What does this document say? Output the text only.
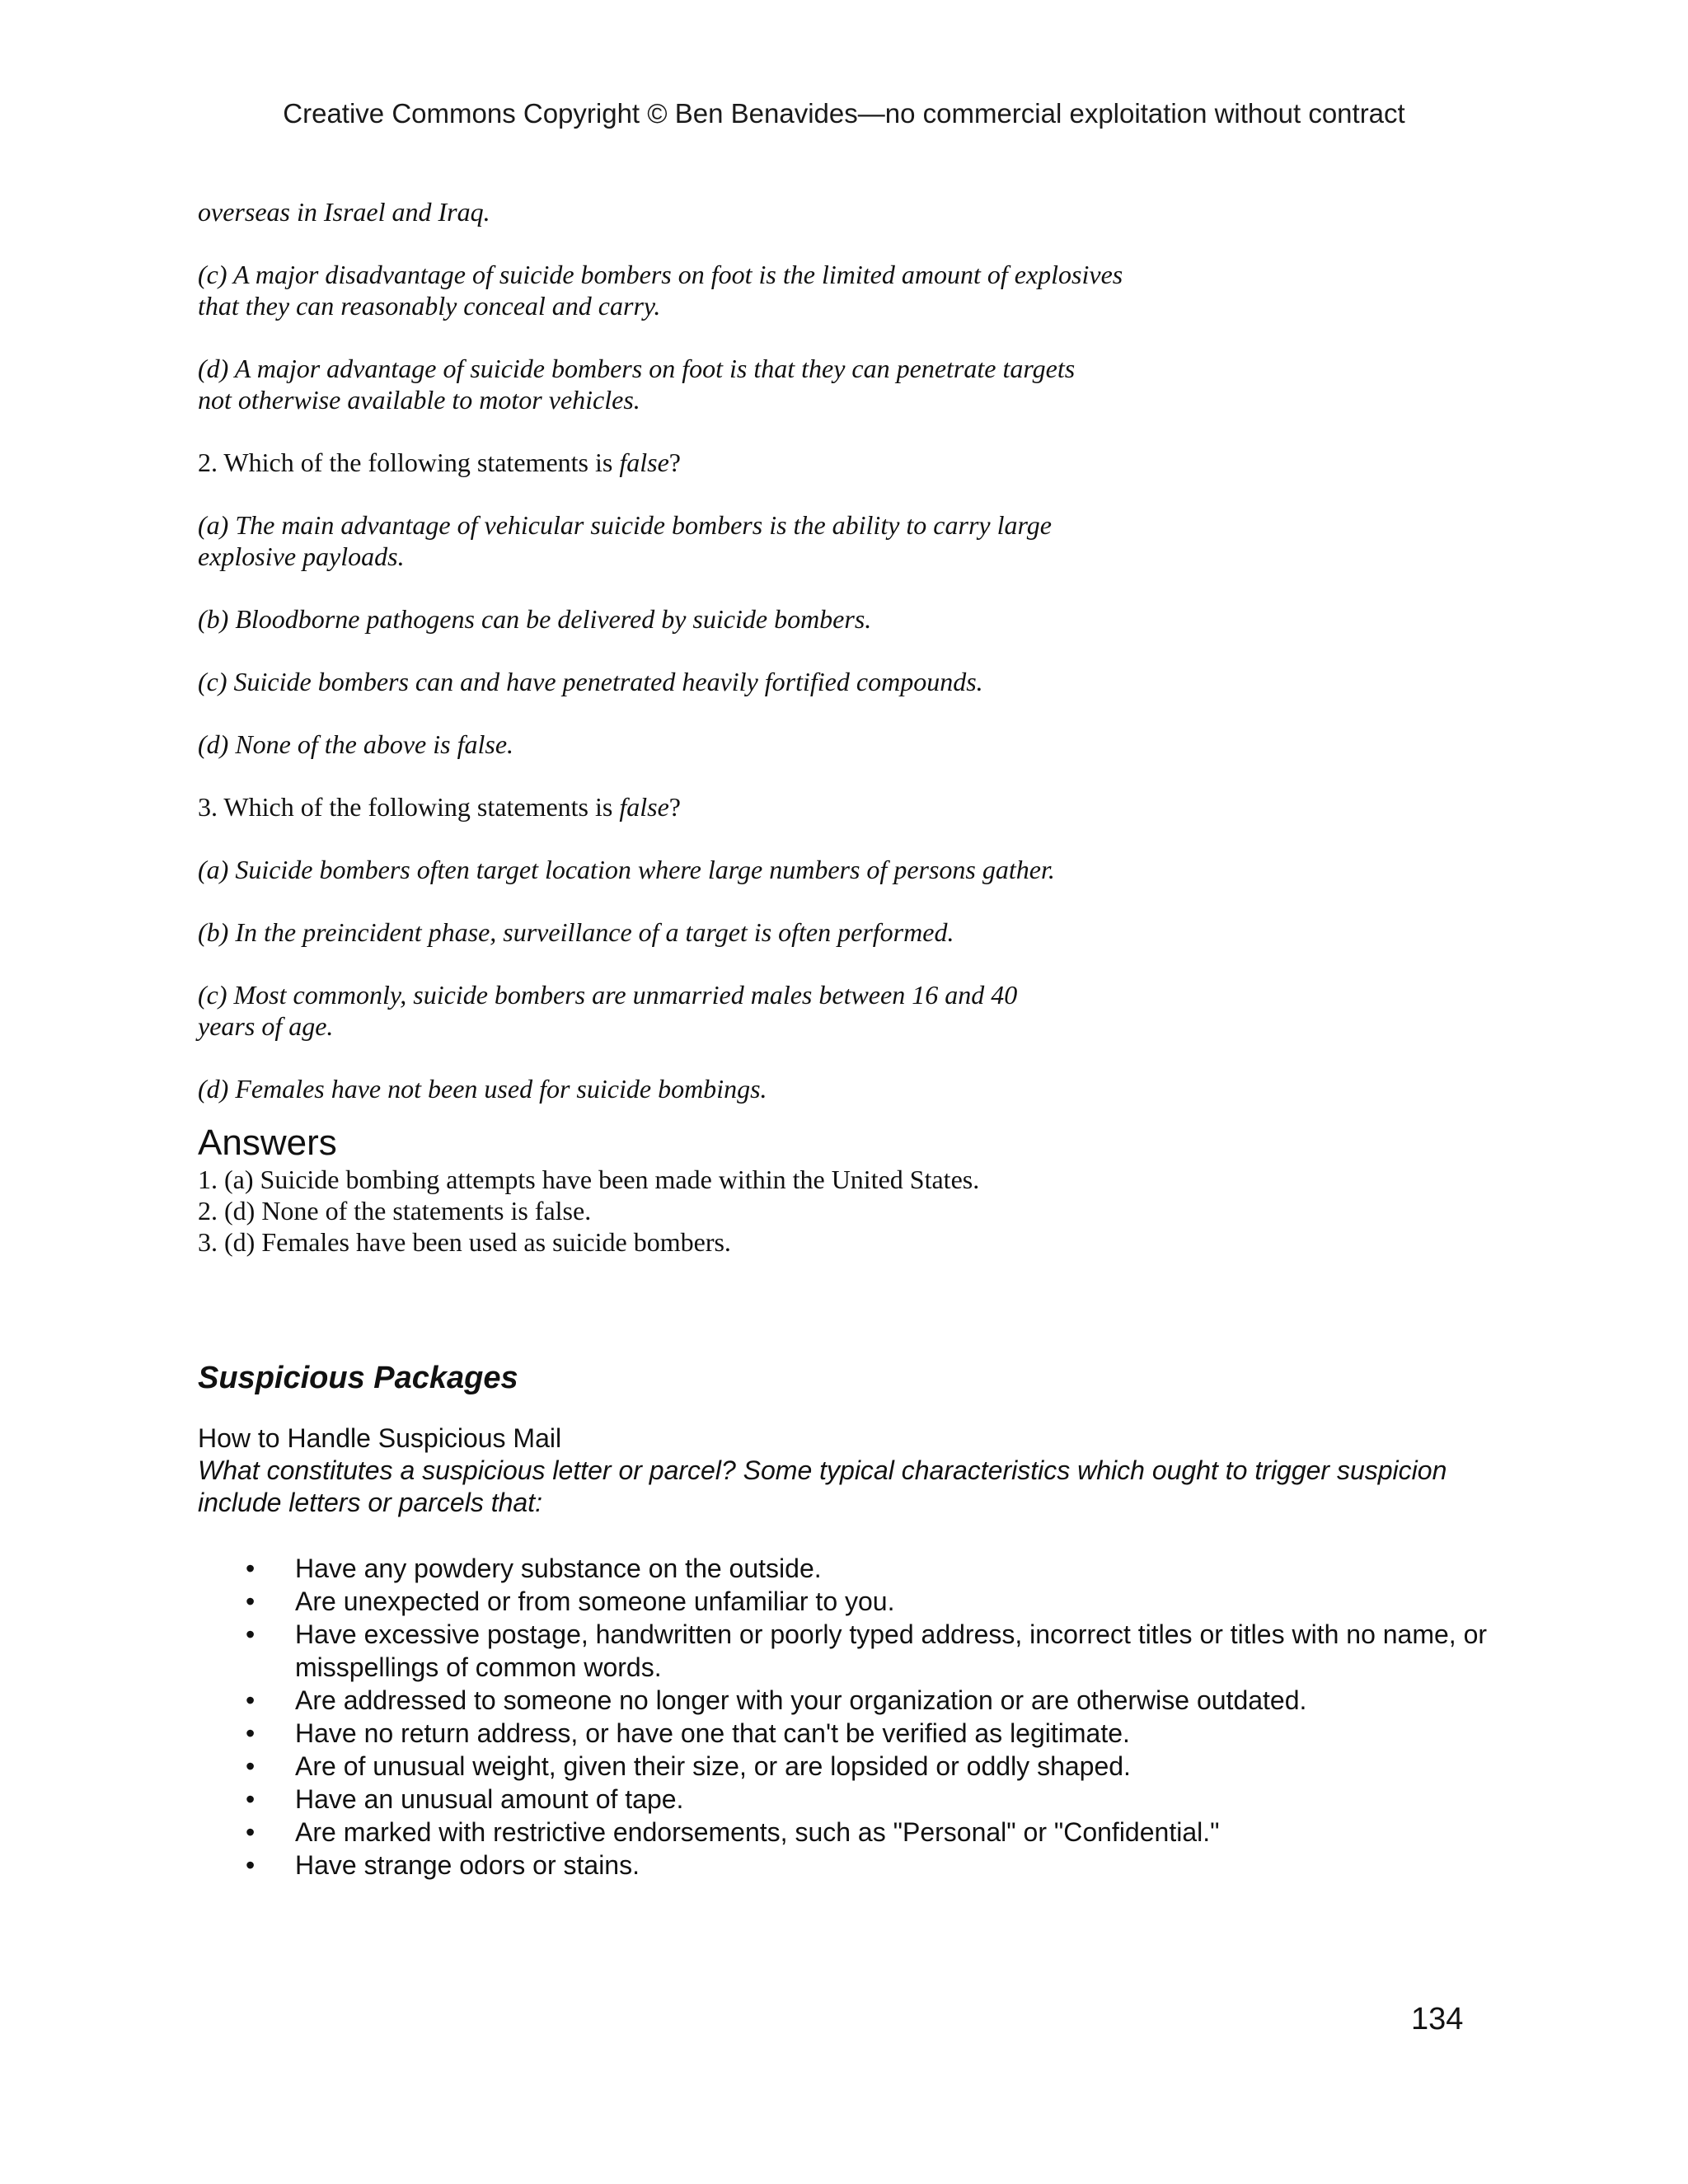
Creative Commons Copyright © Ben Benavides—no commercial exploitation without contract

overseas in Israel and Iraq.

(c) A major disadvantage of suicide bombers on foot is the limited amount of explosives
that they can reasonably conceal and carry.

(d) A major advantage of suicide bombers on foot is that they can penetrate targets
not otherwise available to motor vehicles.

2. Which of the following statements is false?

(a) The main advantage of vehicular suicide bombers is the ability to carry large
explosive payloads.

(b) Bloodborne pathogens can be delivered by suicide bombers.

(c) Suicide bombers can and have penetrated heavily fortified compounds.

(d) None of the above is false.

3. Which of the following statements is false?

(a) Suicide bombers often target location where large numbers of persons gather.

(b) In the preincident phase, surveillance of a target is often performed.

(c) Most commonly, suicide bombers are unmarried males between 16 and 40
years of age.

(d) Females have not been used for suicide bombings.

Answers

1. (a) Suicide bombing attempts have been made within the United States.

2. (d) None of the statements is false.

3. (d) Females have been used as suicide bombers.

Suspicious Packages

How to Handle Suspicious Mail

What constitutes a suspicious letter or parcel? Some typical characteristics which ought to trigger suspicion include letters or parcels that:

• Have any powdery substance on the outside.
• Are unexpected or from someone unfamiliar to you.
• Have excessive postage, handwritten or poorly typed address, incorrect titles or titles with no name, or misspellings of common words.
• Are addressed to someone no longer with your organization or are otherwise outdated.
• Have no return address, or have one that can't be verified as legitimate.
• Are of unusual weight, given their size, or are lopsided or oddly shaped.
• Have an unusual amount of tape.
• Are marked with restrictive endorsements, such as "Personal" or "Confidential."
• Have strange odors or stains.
134
